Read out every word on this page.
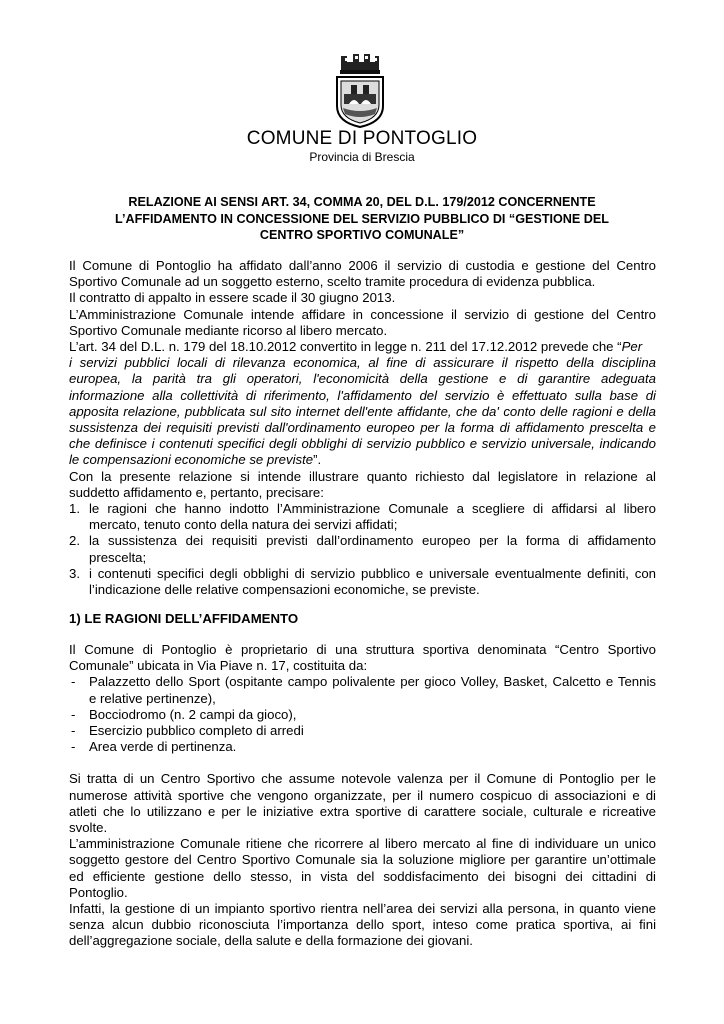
COMUNE DI PONTOGLIO
Provincia di Brescia
RELAZIONE AI SENSI ART. 34, COMMA 20, DEL D.L. 179/2012 CONCERNENTE
L’AFFIDAMENTO IN CONCESSIONE DEL SERVIZIO PUBBLICO DI “GESTIONE DEL
CENTRO SPORTIVO COMUNALE”
Il Comune di Pontoglio ha affidato dall’anno 2006 il servizio di custodia e gestione del Centro
Sportivo Comunale ad un soggetto esterno, scelto tramite procedura di evidenza pubblica.
Il contratto di appalto in essere scade il 30 giugno 2013.
L’Amministrazione Comunale intende affidare in concessione il servizio di gestione del Centro
Sportivo Comunale mediante ricorso al libero mercato.
L’art. 34 del D.L. n. 179 del 18.10.2012 convertito in legge n. 211 del 17.12.2012 prevede che “Per
i servizi pubblici locali di rilevanza economica, al fine di assicurare il rispetto della disciplina
europea, la parità tra gli operatori, l'economicità della gestione e di garantire adeguata
informazione alla collettività di riferimento, l'affidamento del servizio è effettuato sulla base di
apposita relazione, pubblicata sul sito internet dell'ente affidante, che da' conto delle ragioni e della
sussistenza dei requisiti previsti dall'ordinamento europeo per la forma di affidamento prescelta e
che definisce i contenuti specifici degli obblighi di servizio pubblico e servizio universale, indicando
le compensazioni economiche se previste”.
Con la presente relazione si intende illustrare quanto richiesto dal legislatore in relazione al
suddetto affidamento e, pertanto, precisare:
1. le ragioni che hanno indotto l’Amministrazione Comunale a scegliere di affidarsi al libero
mercato, tenuto conto della natura dei servizi affidati;
2. la sussistenza dei requisiti previsti dall’ordinamento europeo per la forma di affidamento
prescelta;
3. i contenuti specifici degli obblighi di servizio pubblico e universale eventualmente definiti, con
l’indicazione delle relative compensazioni economiche, se previste.
1) LE RAGIONI DELL’AFFIDAMENTO
Il Comune di Pontoglio è proprietario di una struttura sportiva denominata “Centro Sportivo
Comunale” ubicata in Via Piave n. 17, costituita da:
- Palazzetto dello Sport (ospitante campo polivalente per gioco Volley, Basket, Calcetto e Tennis
e relative pertinenze),
- Bocciodromo (n. 2 campi da gioco),
- Esercizio pubblico completo di arredi
- Area verde di pertinenza.
Si tratta di un Centro Sportivo che assume notevole valenza per il Comune di Pontoglio per le
numerose attività sportive che vengono organizzate, per il numero cospicuo di associazioni e di
atleti che lo utilizzano e per le iniziative extra sportive di carattere sociale, culturale e ricreative
svolte.
L’amministrazione Comunale ritiene che ricorrere al libero mercato al fine di individuare un unico
soggetto gestore del Centro Sportivo Comunale sia la soluzione migliore per garantire un’ottimale
ed efficiente gestione dello stesso, in vista del soddisfacimento dei bisogni dei cittadini di
Pontoglio.
Infatti, la gestione di un impianto sportivo rientra nell’area dei servizi alla persona, in quanto viene
senza alcun dubbio riconosciuta l’importanza dello sport, inteso come pratica sportiva, ai fini
dell’aggregazione sociale, della salute e della formazione dei giovani.
